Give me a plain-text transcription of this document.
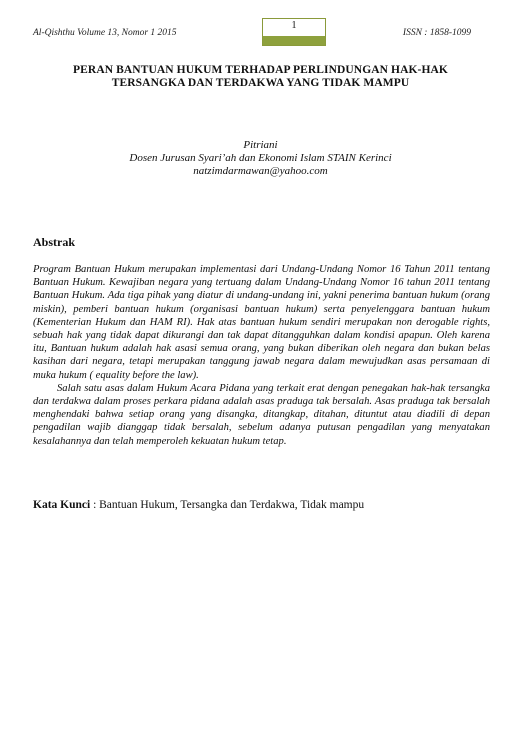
Al-Qishthu Volume 13, Nomor 1 2015
1
ISSN : 1858-1099
PERAN BANTUAN HUKUM TERHADAP PERLINDUNGAN HAK-HAK
TERSANGKA DAN TERDAKWA YANG TIDAK MAMPU
Pitriani
Dosen Jurusan Syari’ah dan Ekonomi Islam STAIN Kerinci
natzimdarmawan@yahoo.com
Abstrak

Program Bantuan Hukum merupakan implementasi dari Undang-Undang Nomor 16 Tahun 2011 tentang Bantuan Hukum. Kewajiban negara yang tertuang dalam Undang-Undang Nomor 16 tahun 2011 tentang Bantuan Hukum. Ada tiga pihak yang diatur di undang-undang ini, yakni penerima bantuan hukum (orang miskin), pemberi bantuan hukum (organisasi bantuan hukum) serta penyelenggara bantuan hukum (Kementerian Hukum dan HAM RI). Hak atas bantuan hukum sendiri merupakan non derogable rights, sebuah hak yang tidak dapat dikurangi dan tak dapat ditangguhkan dalam kondisi apapun. Oleh karena itu, Bantuan hukum adalah hak asasi semua orang, yang bukan diberikan oleh negara dan bukan belas kasihan dari negara, tetapi merupakan tanggung jawab negara dalam mewujudkan asas persamaan di muka hukum ( equality before the law).

Salah satu asas dalam Hukum Acara Pidana yang terkait erat dengan penegakan hak-hak tersangka dan terdakwa dalam proses perkara pidana adalah asas praduga tak bersalah. Asas praduga tak bersalah menghendaki bahwa setiap orang yang disangka, ditangkap, ditahan, dituntut atau diadili di depan pengadilan wajib dianggap tidak bersalah, sebelum adanya putusan pengadilan yang menyatakan kesalahannya dan telah memperoleh kekuatan hukum tetap.

Kata Kunci : Bantuan Hukum, Tersangka dan Terdakwa, Tidak mampu
